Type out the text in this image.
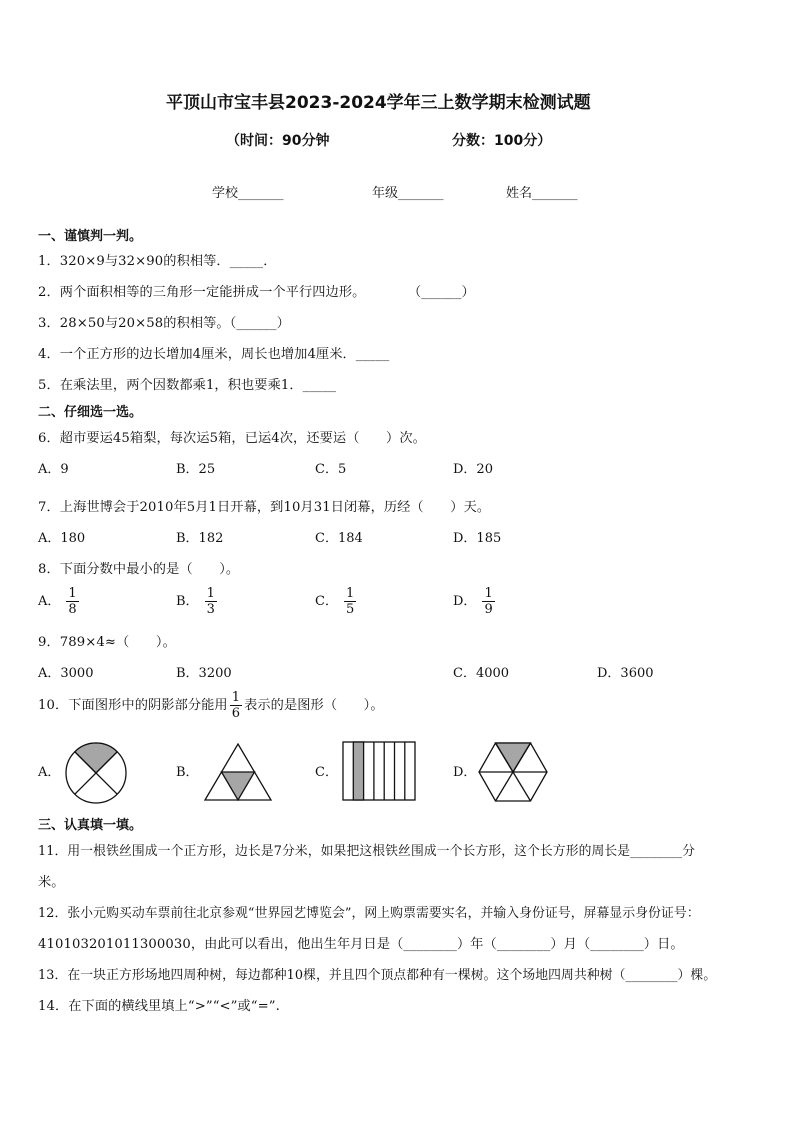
平顶山市宝丰县2023-2024学年三上数学期末检测试题
（时间：90分钟	分数：100分）
学校_______	年级_______	姓名_______
一、谨慎判一判。
1．320×9与32×90的积相等．_____．
2．两个面积相等的三角形一定能拼成一个平行四边形。	（______）
3．28×50与20×58的积相等。（______）
4．一个正方形的边长增加4厘米，周长也增加4厘米．_____
5．在乘法里，两个因数都乘1，积也要乘1．_____
二、仔细选一选。
6．超市要运45箱梨，每次运5箱，已运4次，还要运（　　）次。
A．9	B．25	C．5	D．20
7．上海世博会于2010年5月1日开幕，到10月31日闭幕，历经（　　）天。
A．180	B．182	C．184	D．185
8．下面分数中最小的是（　　）。
A． $\frac{1}{8}$	B． $\frac{1}{3}$	C． $\frac{1}{5}$	D． $\frac{1}{9}$
9．789×4≈（　　）。
A．3000	B．3200	C．4000	D．3600
10．下面图形中的阴影部分能用 $\frac{1}{6}$ 表示的是图形（　　）。
A．	B．	C．	D．
三、认真填一填。
11．用一根铁丝围成一个正方形，边长是7分米，如果把这根铁丝围成一个长方形，这个长方形的周长是________分
米。
12．张小元购买动车票前往北京参观“世界园艺博览会”，网上购票需要实名，并输入身份证号，屏幕显示身份证号：
410103201011300030，由此可以看出，他出生年月日是（________）年（________）月（________）日。
13．在一块正方形场地四周种树，每边都种10棵，并且四个顶点都种有一棵树。这个场地四周共种树（________）棵。
14．在下面的横线里填上“>”“<”或“=”.
